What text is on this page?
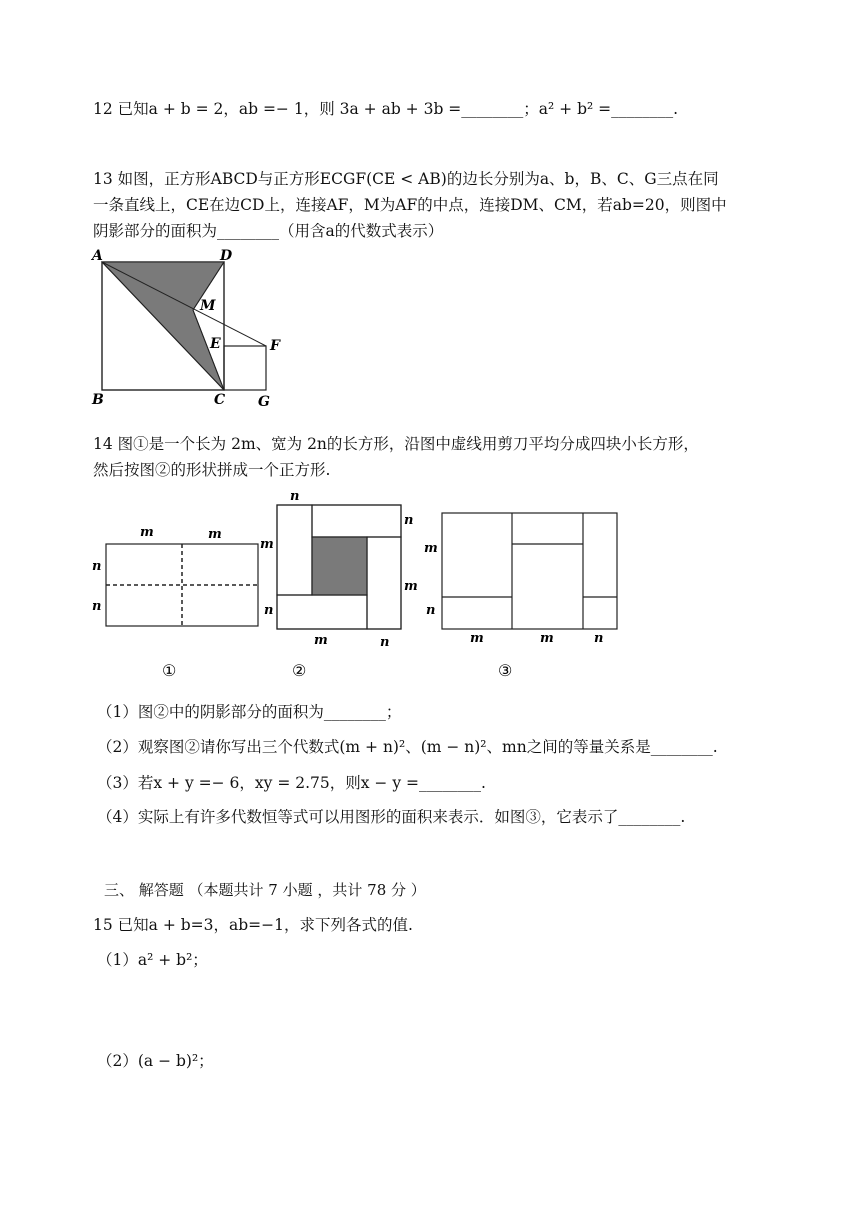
12 已知a + b = 2，ab =− 1，则 3a + ab + 3b =________；a² + b² =________.
13 如图，正方形ABCD与正方形ECGF(CE < AB)的边长分别为a、b，B、C、G三点在同
一条直线上，CE在边CD上，连接AF，M为AF的中点，连接DM、CM，若ab=20，则图中
阴影部分的面积为________（用含a的代数式表示）
A	D
M
E	F
B	C G
14 图①是一个长为 2m、宽为 2n的长方形，沿图中虚线用剪刀平均分成四块小长方形，
然后按图②的形状拼成一个正方形.
m	m
n
n
①
n
n
m
m
n
m	n
②
m
n
m	m	n
③
（1）图②中的阴影部分的面积为________；
（2）观察图②请你写出三个代数式(m + n)²、(m − n)²、mn之间的等量关系是________.
（3）若x + y =− 6，xy = 2.75，则x − y =________.
（4）实际上有许多代数恒等式可以用图形的面积来表示．如图③，它表示了________.
三、 解答题 （本题共计 7 小题 ，共计 78 分 ）
15 已知a + b=3，ab=−1，求下列各式的值.
（1）a² + b²；
（2）(a − b)²；
